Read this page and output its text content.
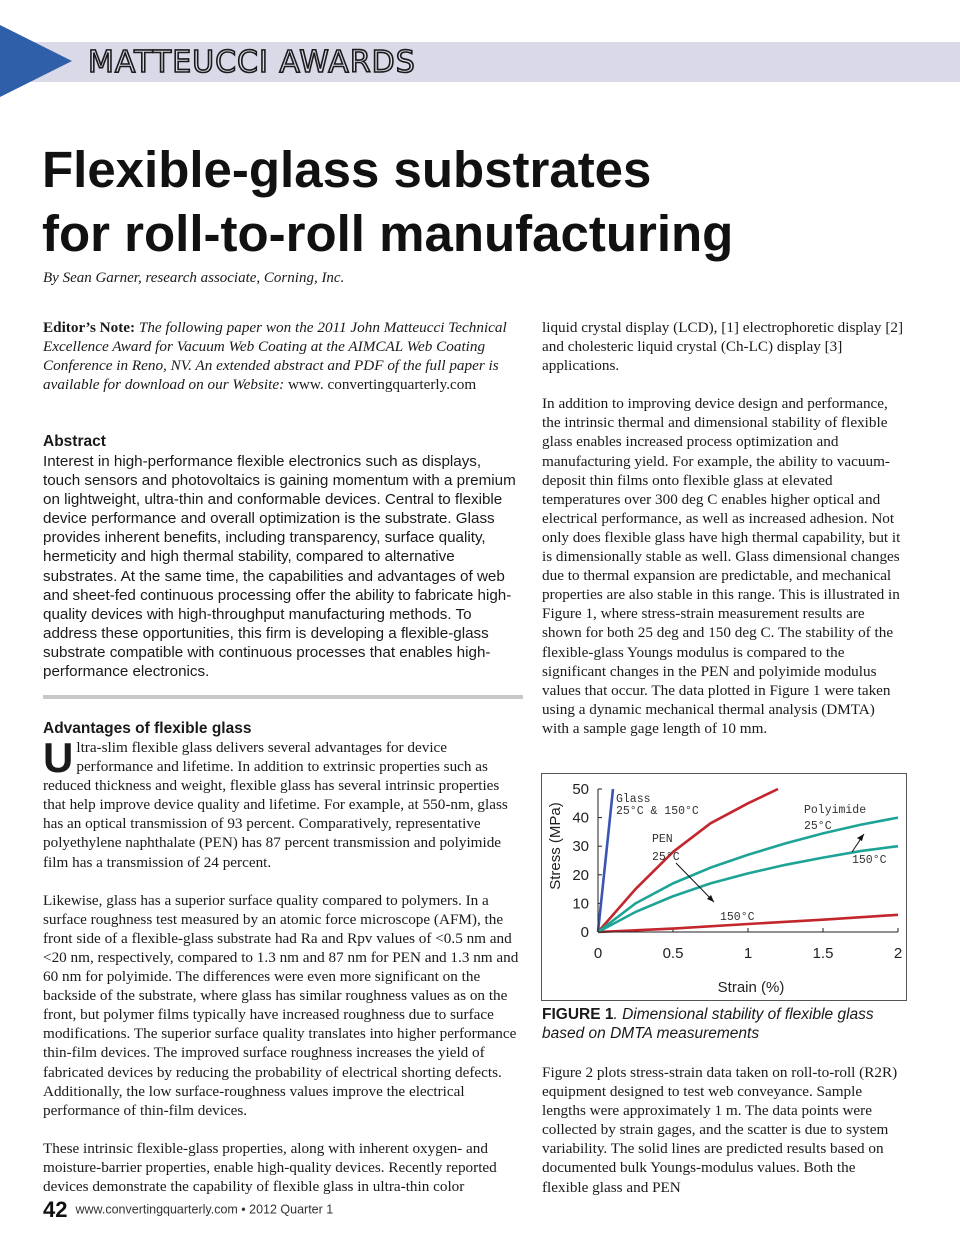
MATTEUCCI AWARDS
Flexible-glass substrates
for roll-to-roll manufacturing
By Sean Garner, research associate, Corning, Inc.
Editor’s Note: The following paper won the 2011 John Matteucci Technical Excellence Award for Vacuum Web Coating at the AIMCAL Web Coating Conference in Reno, NV. An extended abstract and PDF of the full paper is available for download on our Website: www. convertingquarterly.com
Abstract

Interest in high-performance flexible electronics such as displays, touch sensors and photovoltaics is gaining momentum with a premium on lightweight, ultra-thin and conformable devices. Central to flexible device performance and overall optimization is the substrate. Glass provides inherent benefits, including transparency, surface quality, hermeticity and high thermal stability, compared to alternative substrates. At the same time, the capabilities and advantages of web and sheet-fed continuous processing offer the ability to fabricate high-quality devices with high-throughput manufacturing methods. To address these opportunities, this firm is developing a flexible-glass substrate compatible with continuous processes that enables high-performance electronics.

Advantages of flexible glass

Ultra-slim flexible glass delivers several advantages for device performance and lifetime. In addition to extrinsic properties such as reduced thickness and weight, flexible glass has several intrinsic properties that help improve device quality and lifetime. For example, at 550-nm, glass has an optical transmission of 93 percent. Comparatively, representative polyethylene naphthalate (PEN) has 87 percent transmission and polyimide film has a transmission of 24 percent.

Likewise, glass has a superior surface quality compared to polymers. In a surface roughness test measured by an atomic force microscope (AFM), the front side of a flexible-glass substrate had Ra and Rpv values of <0.5 nm and <20 nm, respectively, compared to 1.3 nm and 87 nm for PEN and 1.3 nm and 60 nm for polyimide. The differences were even more significant on the backside of the substrate, where glass has similar roughness values as on the front, but polymer films typically have increased roughness due to surface modifications. The superior surface quality translates into higher performance thin-film devices. The improved surface roughness increases the yield of fabricated devices by reducing the probability of electrical shorting defects. Additionally, the low surface-roughness values improve the electrical performance of thin-film devices.

These intrinsic flexible-glass properties, along with inherent oxygen- and moisture-barrier properties, enable high-quality devices. Recently reported devices demonstrate the capability of flexible glass in ultra-thin color

liquid crystal display (LCD), [1] electrophoretic display [2] and cholesteric liquid crystal (Ch-LC) display [3] applications.

In addition to improving device design and performance, the intrinsic thermal and dimensional stability of flexible glass enables increased process optimization and manufacturing yield. For example, the ability to vacuum-deposit thin films onto flexible glass at elevated temperatures over 300 deg C enables higher optical and electrical performance, as well as increased adhesion. Not only does flexible glass have high thermal capability, but it is dimensionally stable as well. Glass dimensional changes due to thermal expansion are predictable, and mechanical properties are also stable in this range. This is illustrated in Figure 1, where stress-strain measurement results are shown for both 25 deg and 150 deg C. The stability of the flexible-glass Youngs modulus is compared to the significant changes in the PEN and polyimide modulus values that occur. The data plotted in Figure 1 were taken using a dynamic mechanical thermal analysis (DMTA) with a sample gage length of 10 mm.

Stress (MPa)
Strain (%)
0
10
20
30
40
50
0	0.5	1	1.5	2
Glass
25°C & 150°C
PEN
25°C
150°C
Polyimide
25°C
150°C
FIGURE 1. Dimensional stability of flexible glass based on DMTA measurements

Figure 2 plots stress-strain data taken on roll-to-roll (R2R) equipment designed to test web conveyance. Sample lengths were approximately 1 m. The data points were collected by strain gages, and the scatter is due to system variability. The solid lines are predicted results based on documented bulk Youngs-modulus values. Both the flexible glass and PEN

42 www.convertingquarterly.com • 2012 Quarter 1
